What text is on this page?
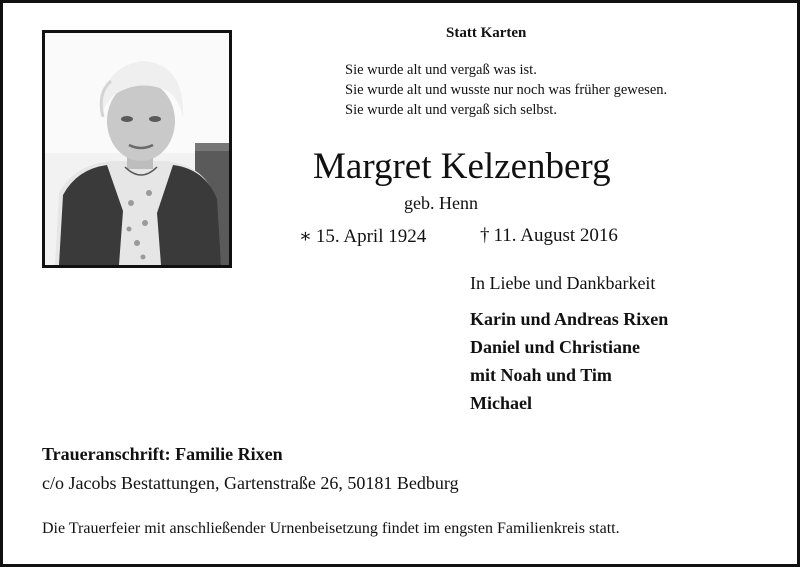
Statt Karten
Sie wurde alt und vergaß was ist.
Sie wurde alt und wusste nur noch was früher gewesen.
Sie wurde alt und vergaß sich selbst.
Margret Kelzenberg
geb. Henn
∗ 15. April 1924	† 11. August 2016
In Liebe und Dankbarkeit
Karin und Andreas Rixen
Daniel und Christiane
mit Noah und Tim
Michael
Traueranschrift: Familie Rixen
c/o Jacobs Bestattungen, Gartenstraße 26, 50181 Bedburg
Die Trauerfeier mit anschließender Urnenbeisetzung findet im engsten Familienkreis statt.
